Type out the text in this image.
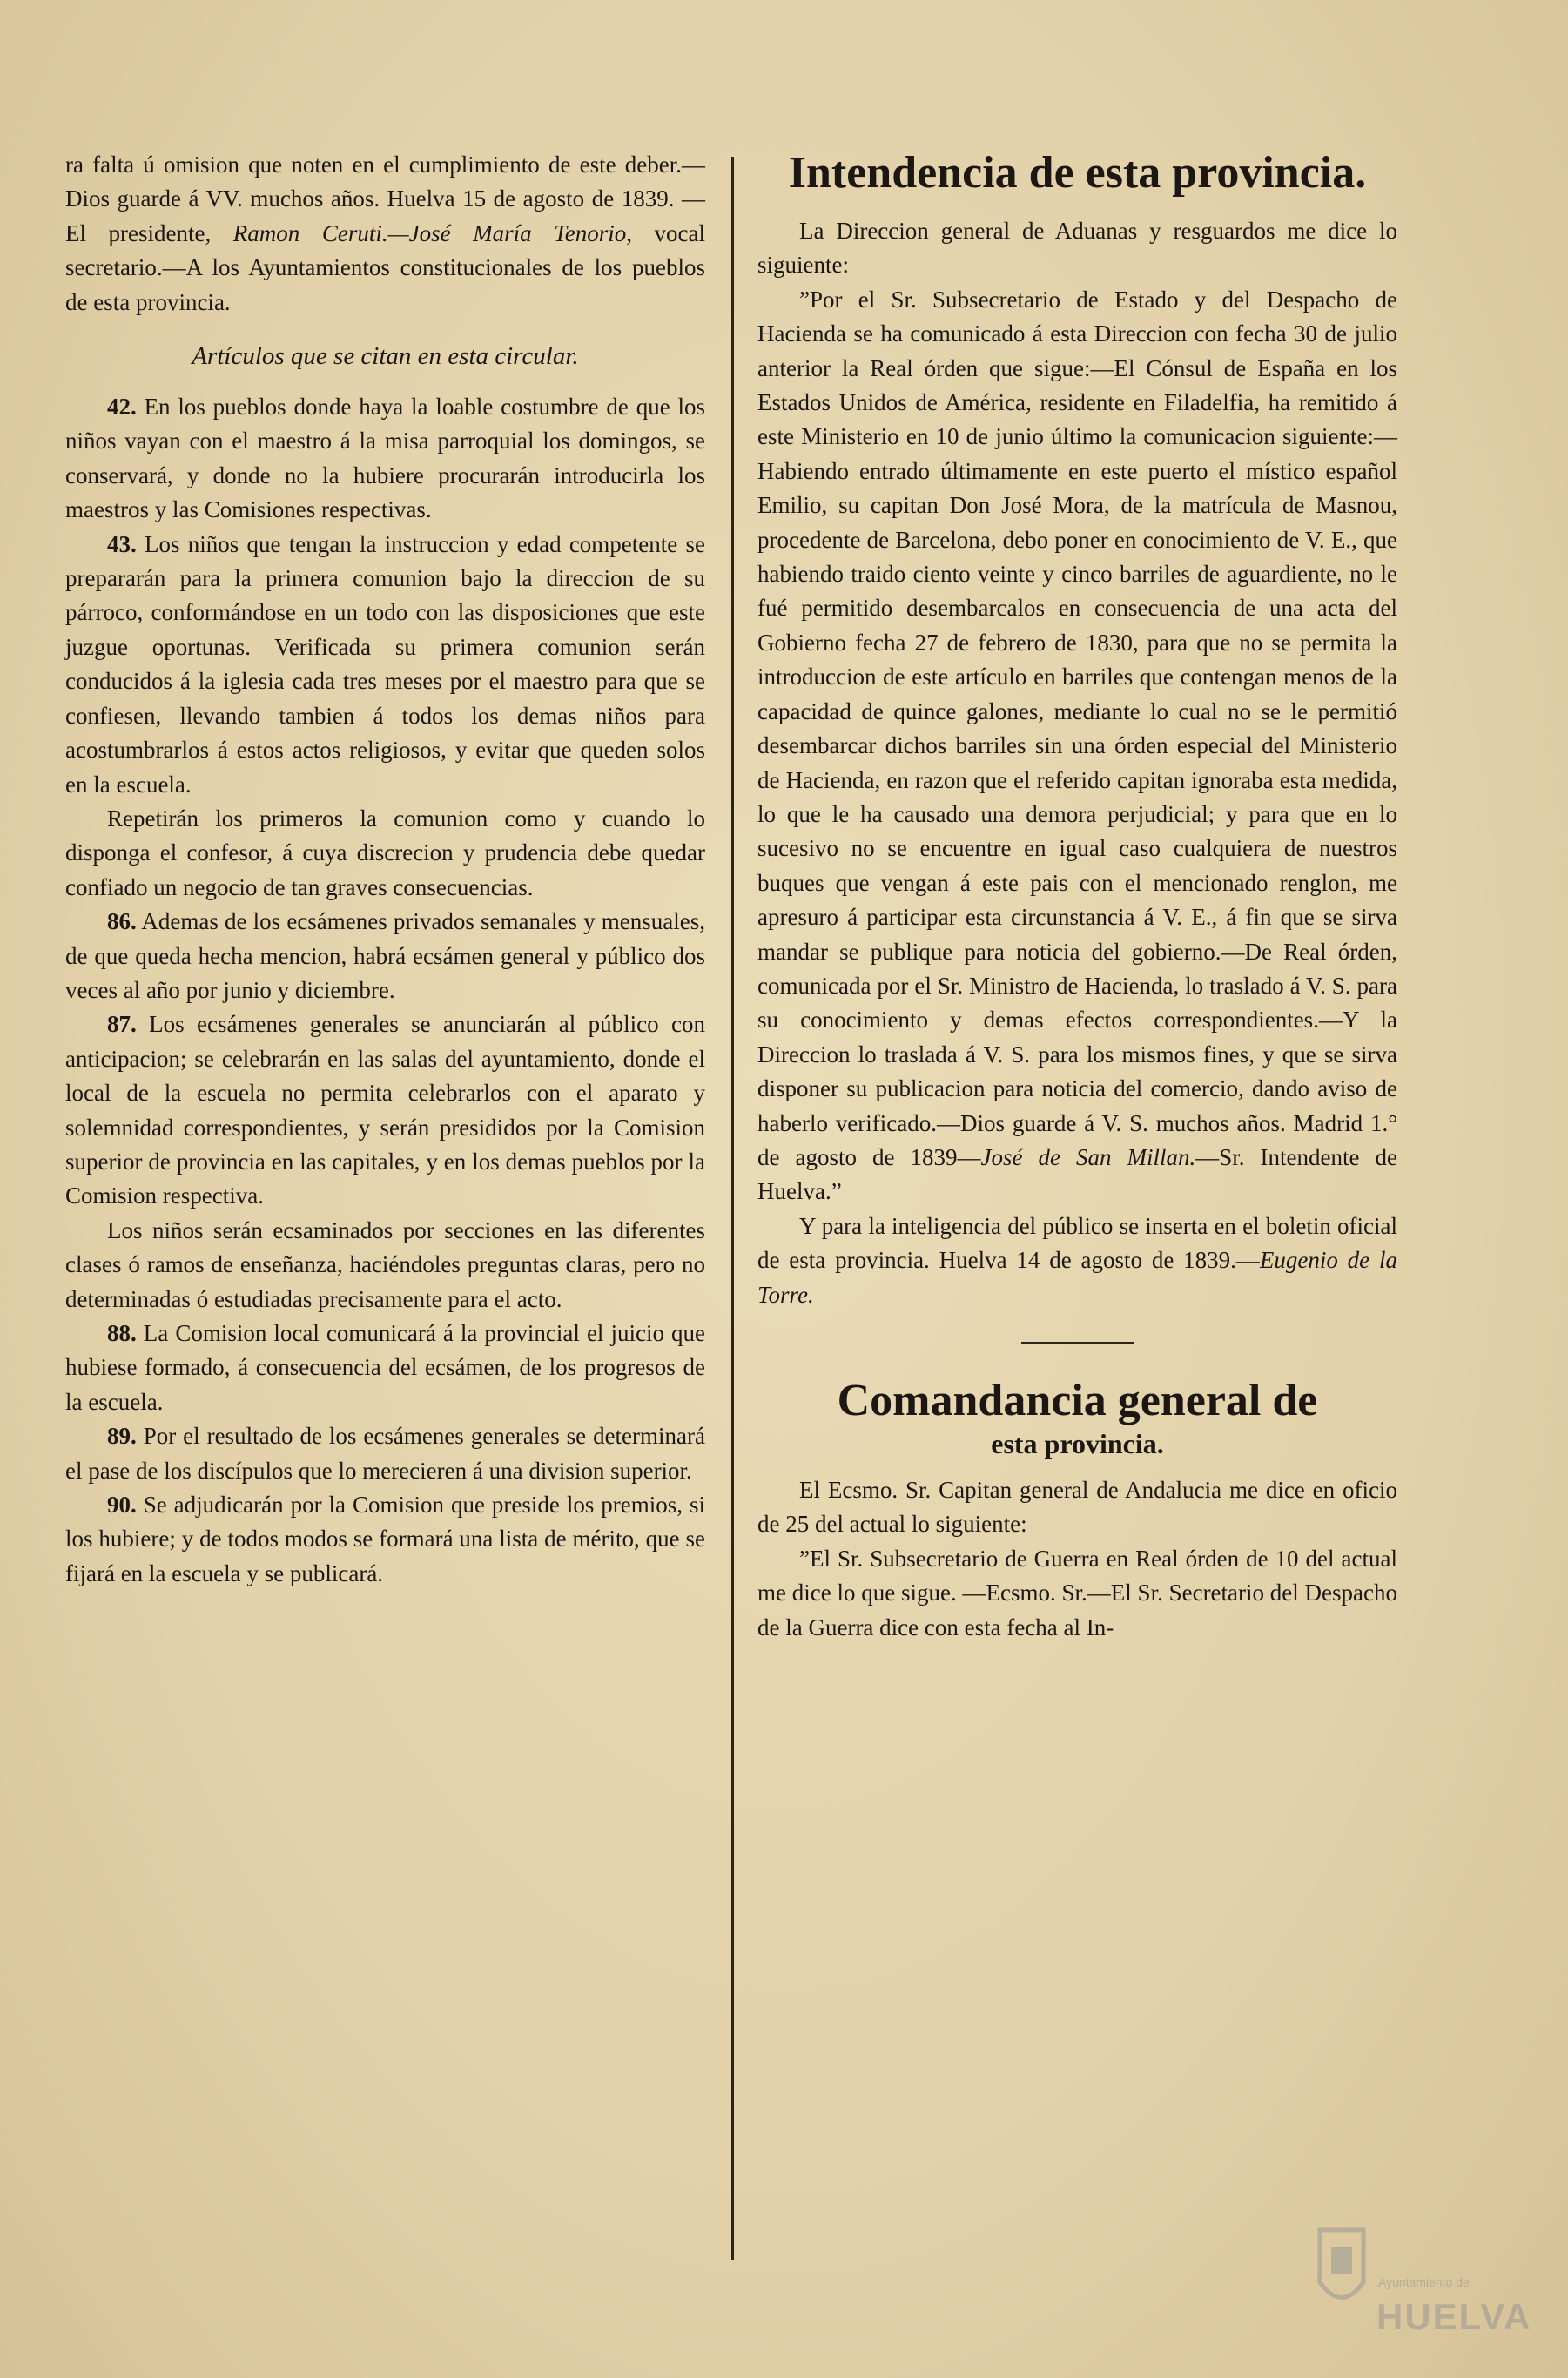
ra falta ú omision que noten en el cumplimiento de este deber.—Dios guarde á VV. muchos años. Huelva 15 de agosto de 1839. —El presidente, Ramon Ceruti.—José María Tenorio, vocal secretario.—A los Ayuntamientos constitucionales de los pueblos de esta provincia.

Artículos que se citan en esta circular.

42. En los pueblos donde haya la loable costumbre de que los niños vayan con el maestro á la misa parroquial los domingos, se conservará, y donde no la hubiere procurarán introducirla los maestros y las Comisiones respectivas.

43. Los niños que tengan la instruccion y edad competente se prepararán para la primera comunion bajo la direccion de su párroco, conformándose en un todo con las disposiciones que este juzgue oportunas. Verificada su primera comunion serán conducidos á la iglesia cada tres meses por el maestro para que se confiesen, llevando tambien á todos los demas niños para acostumbrarlos á estos actos religiosos, y evitar que queden solos en la escuela.

Repetirán los primeros la comunion como y cuando lo disponga el confesor, á cuya discrecion y prudencia debe quedar confiado un negocio de tan graves consecuencias.

86. Ademas de los ecsámenes privados semanales y mensuales, de que queda hecha mencion, habrá ecsámen general y público dos veces al año por junio y diciembre.

87. Los ecsámenes generales se anunciarán al público con anticipacion; se celebrarán en las salas del ayuntamiento, donde el local de la escuela no permita celebrarlos con el aparato y solemnidad correspondientes, y serán presididos por la Comision superior de provincia en las capitales, y en los demas pueblos por la Comision respectiva.

Los niños serán ecsaminados por secciones en las diferentes clases ó ramos de enseñanza, haciéndoles preguntas claras, pero no determinadas ó estudiadas precisamente para el acto.

88. La Comision local comunicará á la provincial el juicio que hubiese formado, á consecuencia del ecsámen, de los progresos de la escuela.

89. Por el resultado de los ecsámenes generales se determinará el pase de los discípulos que lo merecieren á una division superior.

90. Se adjudicarán por la Comision que preside los premios, si los hubiere; y de todos modos se formará una lista de mérito, que se fijará en la escuela y se publicará.

Intendencia de esta provincia.

La Direccion general de Aduanas y resguardos me dice lo siguiente:

”Por el Sr. Subsecretario de Estado y del Despacho de Hacienda se ha comunicado á esta Direccion con fecha 30 de julio anterior la Real órden que sigue:—El Cónsul de España en los Estados Unidos de América, residente en Filadelfia, ha remitido á este Ministerio en 10 de junio último la comunicacion siguiente:—Habiendo entrado últimamente en este puerto el místico español Emilio, su capitan Don José Mora, de la matrícula de Masnou, procedente de Barcelona, debo poner en conocimiento de V. E., que habiendo traido ciento veinte y cinco barriles de aguardiente, no le fué permitido desembarcalos en consecuencia de una acta del Gobierno fecha 27 de febrero de 1830, para que no se permita la introduccion de este artículo en barriles que contengan menos de la capacidad de quince galones, mediante lo cual no se le permitió desembarcar dichos barriles sin una órden especial del Ministerio de Hacienda, en razon que el referido capitan ignoraba esta medida, lo que le ha causado una demora perjudicial; y para que en lo sucesivo no se encuentre en igual caso cualquiera de nuestros buques que vengan á este pais con el mencionado renglon, me apresuro á participar esta circunstancia á V. E., á fin que se sirva mandar se publique para noticia del gobierno.—De Real órden, comunicada por el Sr. Ministro de Hacienda, lo traslado á V. S. para su conocimiento y demas efectos correspondientes.—Y la Direccion lo traslada á V. S. para los mismos fines, y que se sirva disponer su publicacion para noticia del comercio, dando aviso de haberlo verificado.—Dios guarde á V. S. muchos años. Madrid 1.° de agosto de 1839—José de San Millan.—Sr. Intendente de Huelva.”

Y para la inteligencia del público se inserta en el boletin oficial de esta provincia. Huelva 14 de agosto de 1839.—Eugenio de la Torre.

Comandancia general de
esta provincia.

El Ecsmo. Sr. Capitan general de Andalucia me dice en oficio de 25 del actual lo siguiente:

”El Sr. Subsecretario de Guerra en Real órden de 10 del actual me dice lo que sigue. —Ecsmo. Sr.—El Sr. Secretario del Despacho de la Guerra dice con esta fecha al In-

Ayuntamiento de
HUELVA
